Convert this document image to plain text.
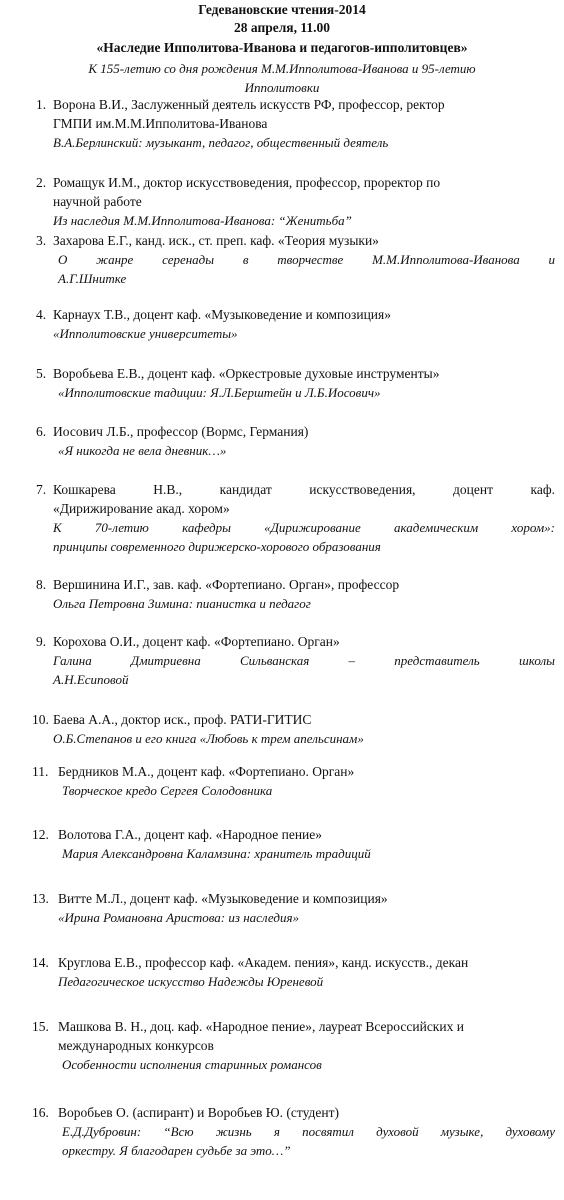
Гедевановские чтения-2014
28 апреля, 11.00
«Наследие Ипполитова-Иванова и педагогов-ипполитовцев»
К 155-летию со дня рождения М.М.Ипполитова-Иванова и 95-летию
Ипполитовки
1. Ворона В.И., Заслуженный деятель искусств РФ, профессор, ректор
ГМПИ им.М.М.Ипполитова-Иванова
В.А.Берлинский: музыкант, педагог, общественный деятель
2. Ромащук И.М., доктор искусствоведения, профессор, проректор по
научной работе
Из наследия М.М.Ипполитова-Иванова: “Женитьба”
3. Захарова Е.Г., канд. иск., ст. преп. каф. «Теория музыки»
О жанре серенады в творчестве М.М.Ипполитова-Иванова и
А.Г.Шнитке
4. Карнаух Т.В., доцент каф. «Музыковедение и композиция»
«Ипполитовские университеты»
5. Воробьева Е.В., доцент каф. «Оркестровые духовые инструменты»
«Ипполитовские тадиции: Я.Л.Берштейн и Л.Б.Иосович»
6. Иосович Л.Б., профессор (Вормс, Германия)
«Я никогда не вела дневник…»
7. Кошкарева Н.В., кандидат искусствоведения, доцент каф.
«Дирижирование акад. хором»
К 70-летию кафедры «Дирижирование академическим хором»:
принципы современного дирижерско-хорового образования
8. Вершинина И.Г., зав. каф. «Фортепиано. Орган», профессор
Ольга Петровна Зимина: пианистка и педагог
9. Корохова О.И., доцент каф. «Фортепиано. Орган»
Галина Дмитриевна Сильванская – представитель школы
А.Н.Есиповой
10. Баева А.А., доктор иск., проф. РАТИ-ГИТИС
О.Б.Степанов и его книга «Любовь к трем апельсинам»
11. Бердников М.А., доцент каф. «Фортепиано. Орган»
Творческое кредо Сергея Солодовника
12. Волотова Г.А., доцент каф. «Народное пение»
Мария Александровна Каламзина: хранитель традиций
13. Витте М.Л., доцент каф. «Музыковедение и композиция»
«Ирина Романовна Аристова: из наследия»
14. Круглова Е.В., профессор каф. «Академ. пения», канд. искусств., декан
Педагогическое искусство Надежды Юреневой
15. Машкова В. Н., доц. каф. «Народное пение», лауреат Всероссийских и
международных конкурсов
Особенности исполнения старинных романсов
16. Воробьев О. (аспирант) и Воробьев Ю. (студент)
Е.Д.Дубровин: “Всю жизнь я посвятил духовой музыке, духовому
оркестру. Я благодарен судьбе за это…”
